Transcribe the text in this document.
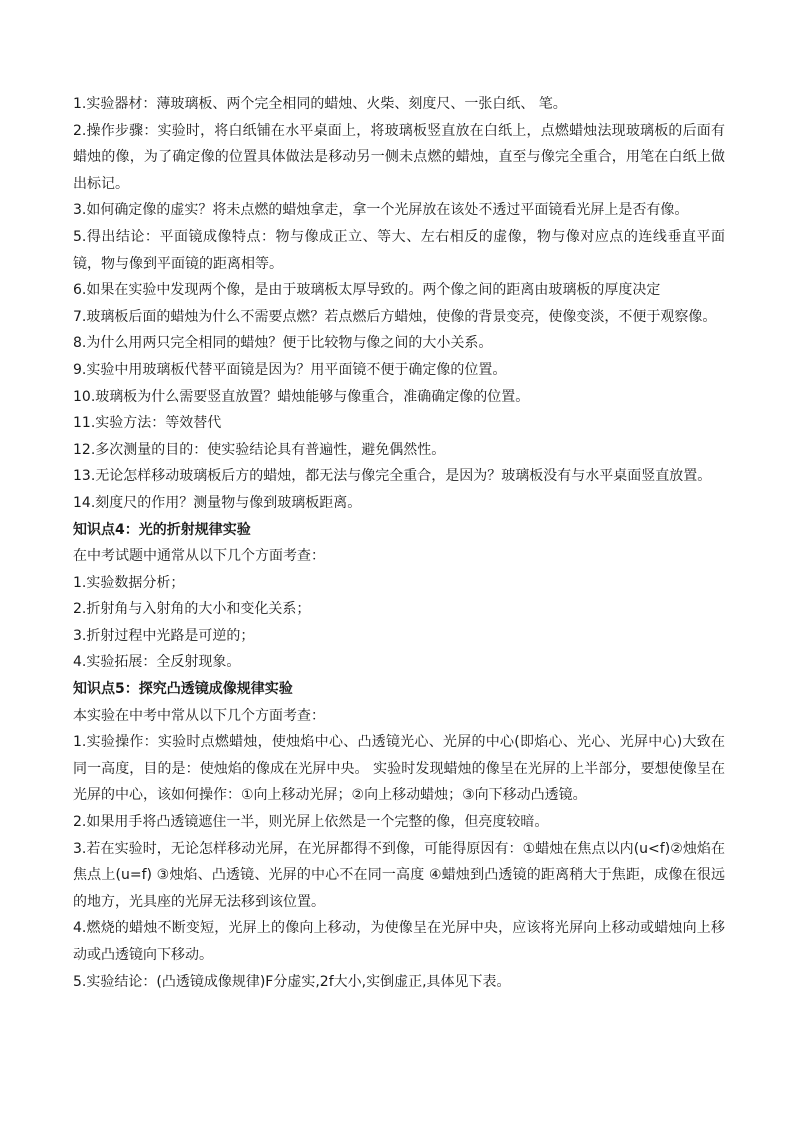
1.实验器材：薄玻璃板、两个完全相同的蜡烛、火柴、刻度尺、一张白纸、 笔。

2.操作步骤：实验时，将白纸铺在水平桌面上，将玻璃板竖直放在白纸上，点燃蜡烛法现玻璃板的后面有蜡烛的像，为了确定像的位置具体做法是移动另一侧未点燃的蜡烛，直至与像完全重合，用笔在白纸上做出标记。

3.如何确定像的虚实？将未点燃的蜡烛拿走，拿一个光屏放在该处不透过平面镜看光屏上是否有像。

5.得出结论：平面镜成像特点：物与像成正立、等大、左右相反的虚像，物与像对应点的连线垂直平面镜，物与像到平面镜的距离相等。

6.如果在实验中发现两个像，是由于玻璃板太厚导致的。两个像之间的距离由玻璃板的厚度决定

7.玻璃板后面的蜡烛为什么不需要点燃？若点燃后方蜡烛，使像的背景变亮，使像变淡，不便于观察像。

8.为什么用两只完全相同的蜡烛？便于比较物与像之间的大小关系。

9.实验中用玻璃板代替平面镜是因为？用平面镜不便于确定像的位置。

10.玻璃板为什么需要竖直放置？蜡烛能够与像重合，准确确定像的位置。

11.实验方法：等效替代

12.多次测量的目的：使实验结论具有普遍性，避免偶然性。

13.无论怎样移动玻璃板后方的蜡烛，都无法与像完全重合，是因为？玻璃板没有与水平桌面竖直放置。

14.刻度尺的作用？测量物与像到玻璃板距离。

知识点4：光的折射规律实验

在中考试题中通常从以下几个方面考查：

1.实验数据分析；

2.折射角与入射角的大小和变化关系；

3.折射过程中光路是可逆的；

4.实验拓展：全反射现象。

知识点5：探究凸透镜成像规律实验

本实验在中考中常从以下几个方面考查：

1.实验操作：实验时点燃蜡烛，使烛焰中心、凸透镜光心、光屏的中心(即焰心、光心、光屏中心)大致在同一高度，目的是：使烛焰的像成在光屏中央。 实验时发现蜡烛的像呈在光屏的上半部分，要想使像呈在光屏的中心，该如何操作：①向上移动光屏；②向上移动蜡烛；③向下移动凸透镜。

2.如果用手将凸透镜遮住一半，则光屏上依然是一个完整的像，但亮度较暗。

3.若在实验时，无论怎样移动光屏，在光屏都得不到像，可能得原因有：①蜡烛在焦点以内(u<f)②烛焰在焦点上(u=f) ③烛焰、凸透镜、光屏的中心不在同一高度 ④蜡烛到凸透镜的距离稍大于焦距，成像在很远的地方，光具座的光屏无法移到该位置。

4.燃烧的蜡烛不断变短，光屏上的像向上移动，为使像呈在光屏中央，应该将光屏向上移动或蜡烛向上移动或凸透镜向下移动。

5.实验结论：(凸透镜成像规律)F分虚实,2f大小,实倒虚正,具体见下表。
